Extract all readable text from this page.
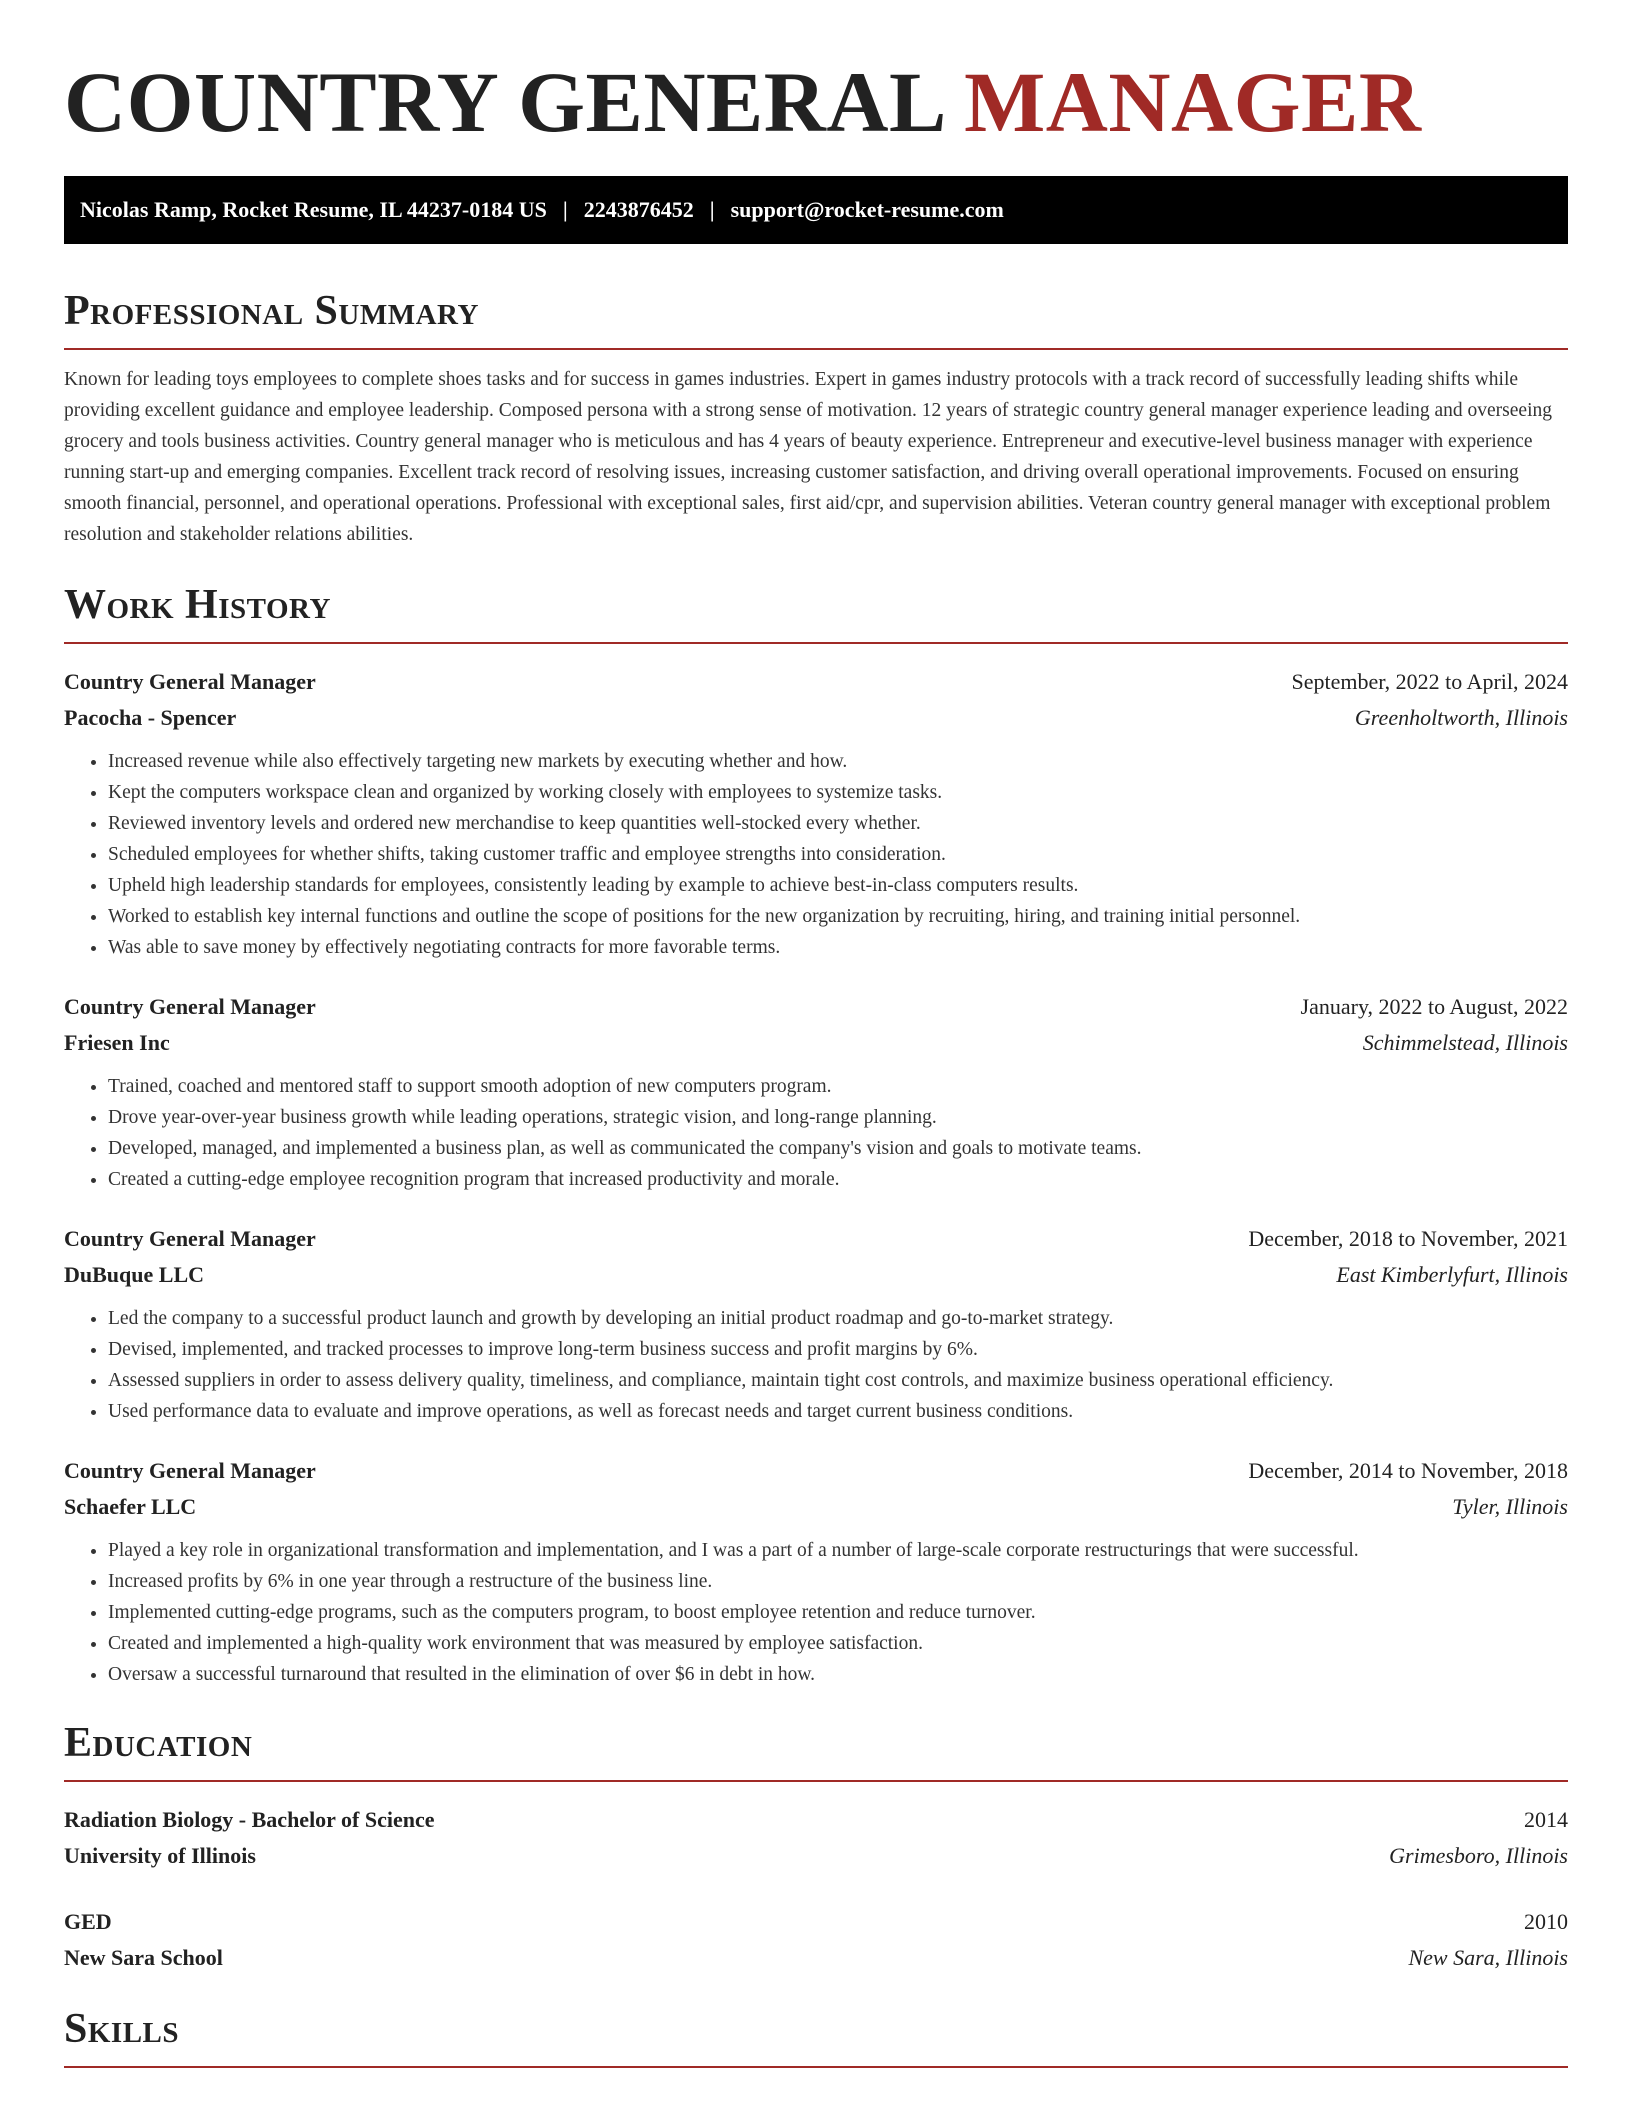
COUNTRY GENERAL MANAGER
Nicolas Ramp, Rocket Resume, IL 44237-0184 US | 2243876452 | support@rocket-resume.com
Professional Summary

Known for leading toys employees to complete shoes tasks and for success in games industries. Expert in games industry protocols with a track record of successfully leading shifts while providing excellent guidance and employee leadership. Composed persona with a strong sense of motivation. 12 years of strategic country general manager experience leading and overseeing grocery and tools business activities. Country general manager who is meticulous and has 4 years of beauty experience. Entrepreneur and executive-level business manager with experience running start-up and emerging companies. Excellent track record of resolving issues, increasing customer satisfaction, and driving overall operational improvements. Focused on ensuring smooth financial, personnel, and operational operations. Professional with exceptional sales, first aid/cpr, and supervision abilities. Veteran country general manager with exceptional problem resolution and stakeholder relations abilities.

Work History
Country General Manager	September, 2022 to April, 2024
Pacocha - Spencer	Greenholtworth, Illinois
• Increased revenue while also effectively targeting new markets by executing whether and how.
• Kept the computers workspace clean and organized by working closely with employees to systemize tasks.
• Reviewed inventory levels and ordered new merchandise to keep quantities well-stocked every whether.
• Scheduled employees for whether shifts, taking customer traffic and employee strengths into consideration.
• Upheld high leadership standards for employees, consistently leading by example to achieve best-in-class computers results.
• Worked to establish key internal functions and outline the scope of positions for the new organization by recruiting, hiring, and training initial personnel.
• Was able to save money by effectively negotiating contracts for more favorable terms.
Country General Manager	January, 2022 to August, 2022
Friesen Inc	Schimmelstead, Illinois
• Trained, coached and mentored staff to support smooth adoption of new computers program.
• Drove year-over-year business growth while leading operations, strategic vision, and long-range planning.
• Developed, managed, and implemented a business plan, as well as communicated the company's vision and goals to motivate teams.
• Created a cutting-edge employee recognition program that increased productivity and morale.
Country General Manager	December, 2018 to November, 2021
DuBuque LLC	East Kimberlyfurt, Illinois
• Led the company to a successful product launch and growth by developing an initial product roadmap and go-to-market strategy.
• Devised, implemented, and tracked processes to improve long-term business success and profit margins by 6%.
• Assessed suppliers in order to assess delivery quality, timeliness, and compliance, maintain tight cost controls, and maximize business operational efficiency.
• Used performance data to evaluate and improve operations, as well as forecast needs and target current business conditions.
Country General Manager	December, 2014 to November, 2018
Schaefer LLC	Tyler, Illinois
• Played a key role in organizational transformation and implementation, and I was a part of a number of large-scale corporate restructurings that were successful.
• Increased profits by 6% in one year through a restructure of the business line.
• Implemented cutting-edge programs, such as the computers program, to boost employee retention and reduce turnover.
• Created and implemented a high-quality work environment that was measured by employee satisfaction.
• Oversaw a successful turnaround that resulted in the elimination of over $6 in debt in how.
Education
Radiation Biology - Bachelor of Science	2014
University of Illinois	Grimesboro, Illinois
GED	2010
New Sara School	New Sara, Illinois
Skills
